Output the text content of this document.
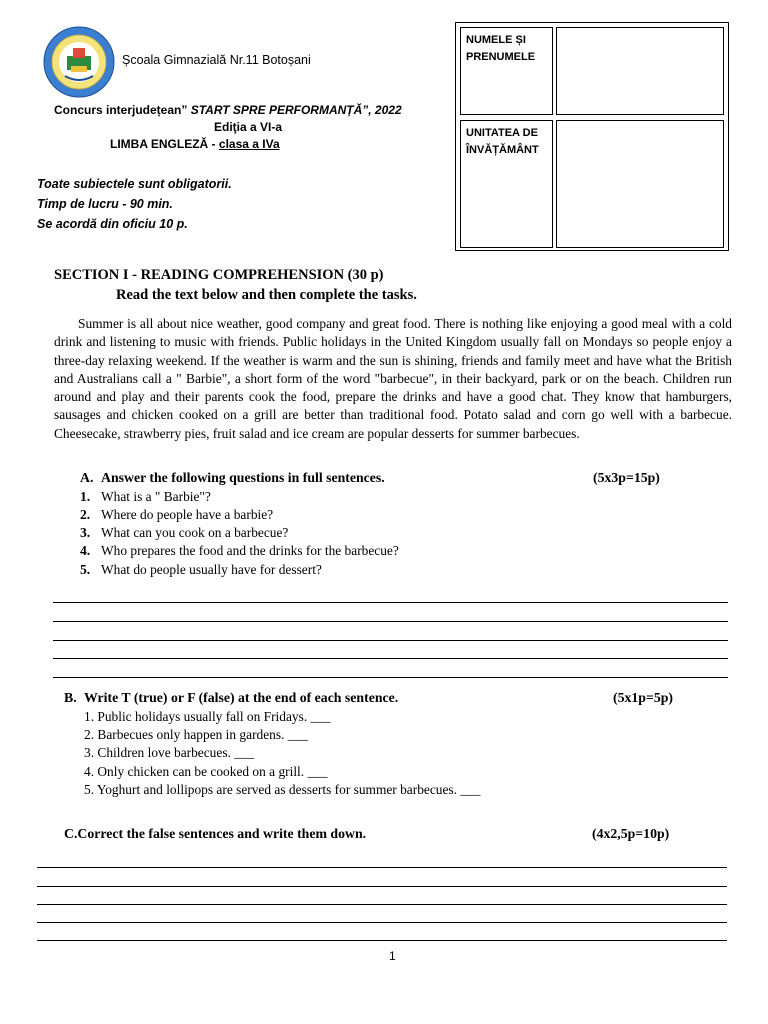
Școala Gimnazială Nr.11 Botoșani
Concurs interjudețean” START SPRE PERFORMANȚĂ”, 2022
Ediţia a VI-a
LIMBA ENGLEZĂ - clasa a IVa
Toate subiectele sunt obligatorii.
Timp de lucru - 90 min.
Se acordă din oficiu 10 p.
NUMELE ȘI
PRENUMELE
UNITATEA DE
ÎNVĂȚĂMÂNT
SECTION I - READING COMPREHENSION (30 p)
Read the text below and then complete the tasks.

Summer is all about nice weather, good company and great food. There is nothing like enjoying a good meal with a cold drink and listening to music with friends. Public holidays in the United Kingdom usually fall on Mondays so people enjoy a three-day relaxing weekend. If the weather is warm and the sun is shining, friends and family meet and have what the British and Australians call a " Barbie", a short form of the word "barbecue", in their backyard, park or on the beach. Children run around and play and their parents cook the food, prepare the drinks and have a good chat. They know that hamburgers, sausages and chicken cooked on a grill are better than traditional food. Potato salad and corn go well with a barbecue. Cheesecake, strawberry pies, fruit salad and ice cream are popular desserts for summer barbecues.

A. Answer the following questions in full sentences.	(5x3p=15p)
1. What is a " Barbie"?
2. Where do people have a barbie?
3. What can you cook on a barbecue?
4. Who prepares the food and the drinks for the barbecue?
5. What do people usually have for dessert?
B. Write T (true) or F (false) at the end of each sentence.	(5x1p=5p)
1. Public holidays usually fall on Fridays. ___
2. Barbecues only happen in gardens. ___
3. Children love barbecues. ___
4. Only chicken can be cooked on a grill. ___
5. Yoghurt and lollipops are served as desserts for summer barbecues. ___
C.Correct the false sentences and write them down.	(4x2,5p=10p)
1
